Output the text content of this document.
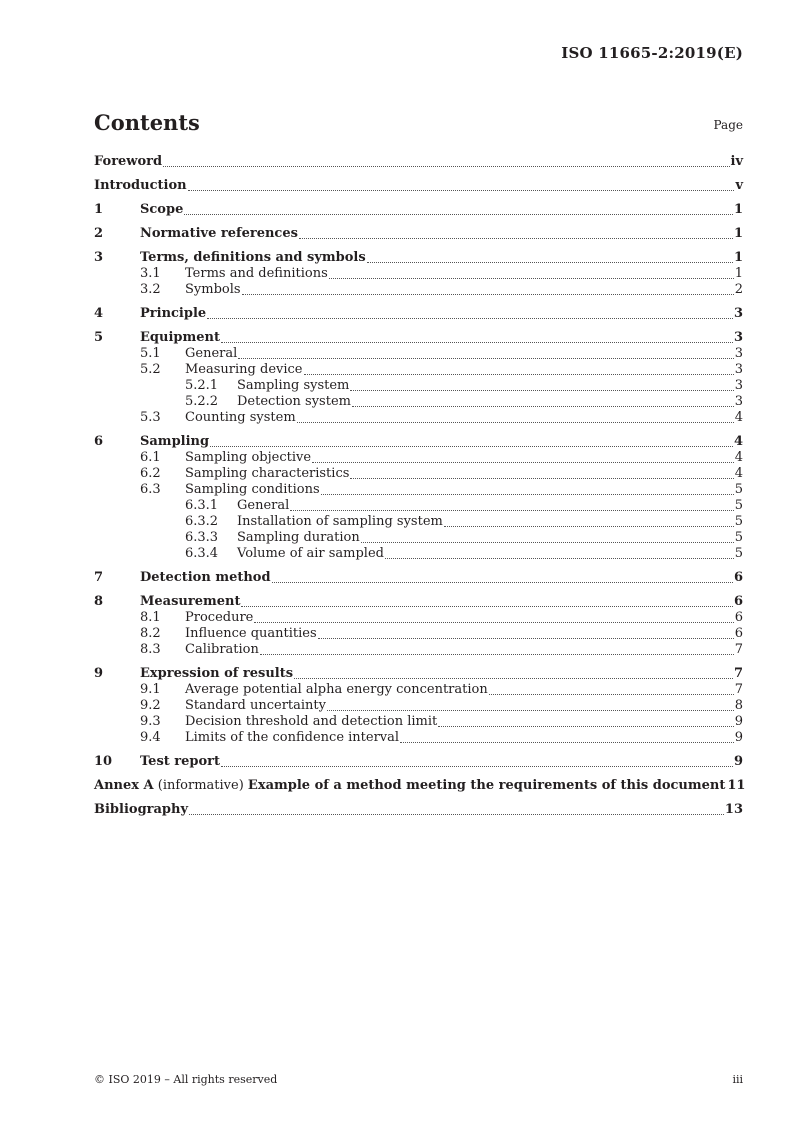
ISO 11665-2:2019(E)
Contents	Page
Foreword	iv
Introduction	v
1	Scope	1
2	Normative references	1
3	Terms, definitions and symbols	1
3.1	Terms and definitions	1
3.2	Symbols	2
4	Principle	3
5	Equipment	3
5.1	General	3
5.2	Measuring device	3
5.2.1	Sampling system	3
5.2.2	Detection system	3
5.3	Counting system	4
6	Sampling	4
6.1	Sampling objective	4
6.2	Sampling characteristics	4
6.3	Sampling conditions	5
6.3.1	General	5
6.3.2	Installation of sampling system	5
6.3.3	Sampling duration	5
6.3.4	Volume of air sampled	5
7	Detection method	6
8	Measurement	6
8.1	Procedure	6
8.2	Influence quantities	6
8.3	Calibration	7
9	Expression of results	7
9.1	Average potential alpha energy concentration	7
9.2	Standard uncertainty	8
9.3	Decision threshold and detection limit	9
9.4	Limits of the confidence interval	9
10	Test report	9
Annex A (informative) Example of a method meeting the requirements of this document 11
Bibliography	13
© ISO 2019 – All rights reserved	iii
